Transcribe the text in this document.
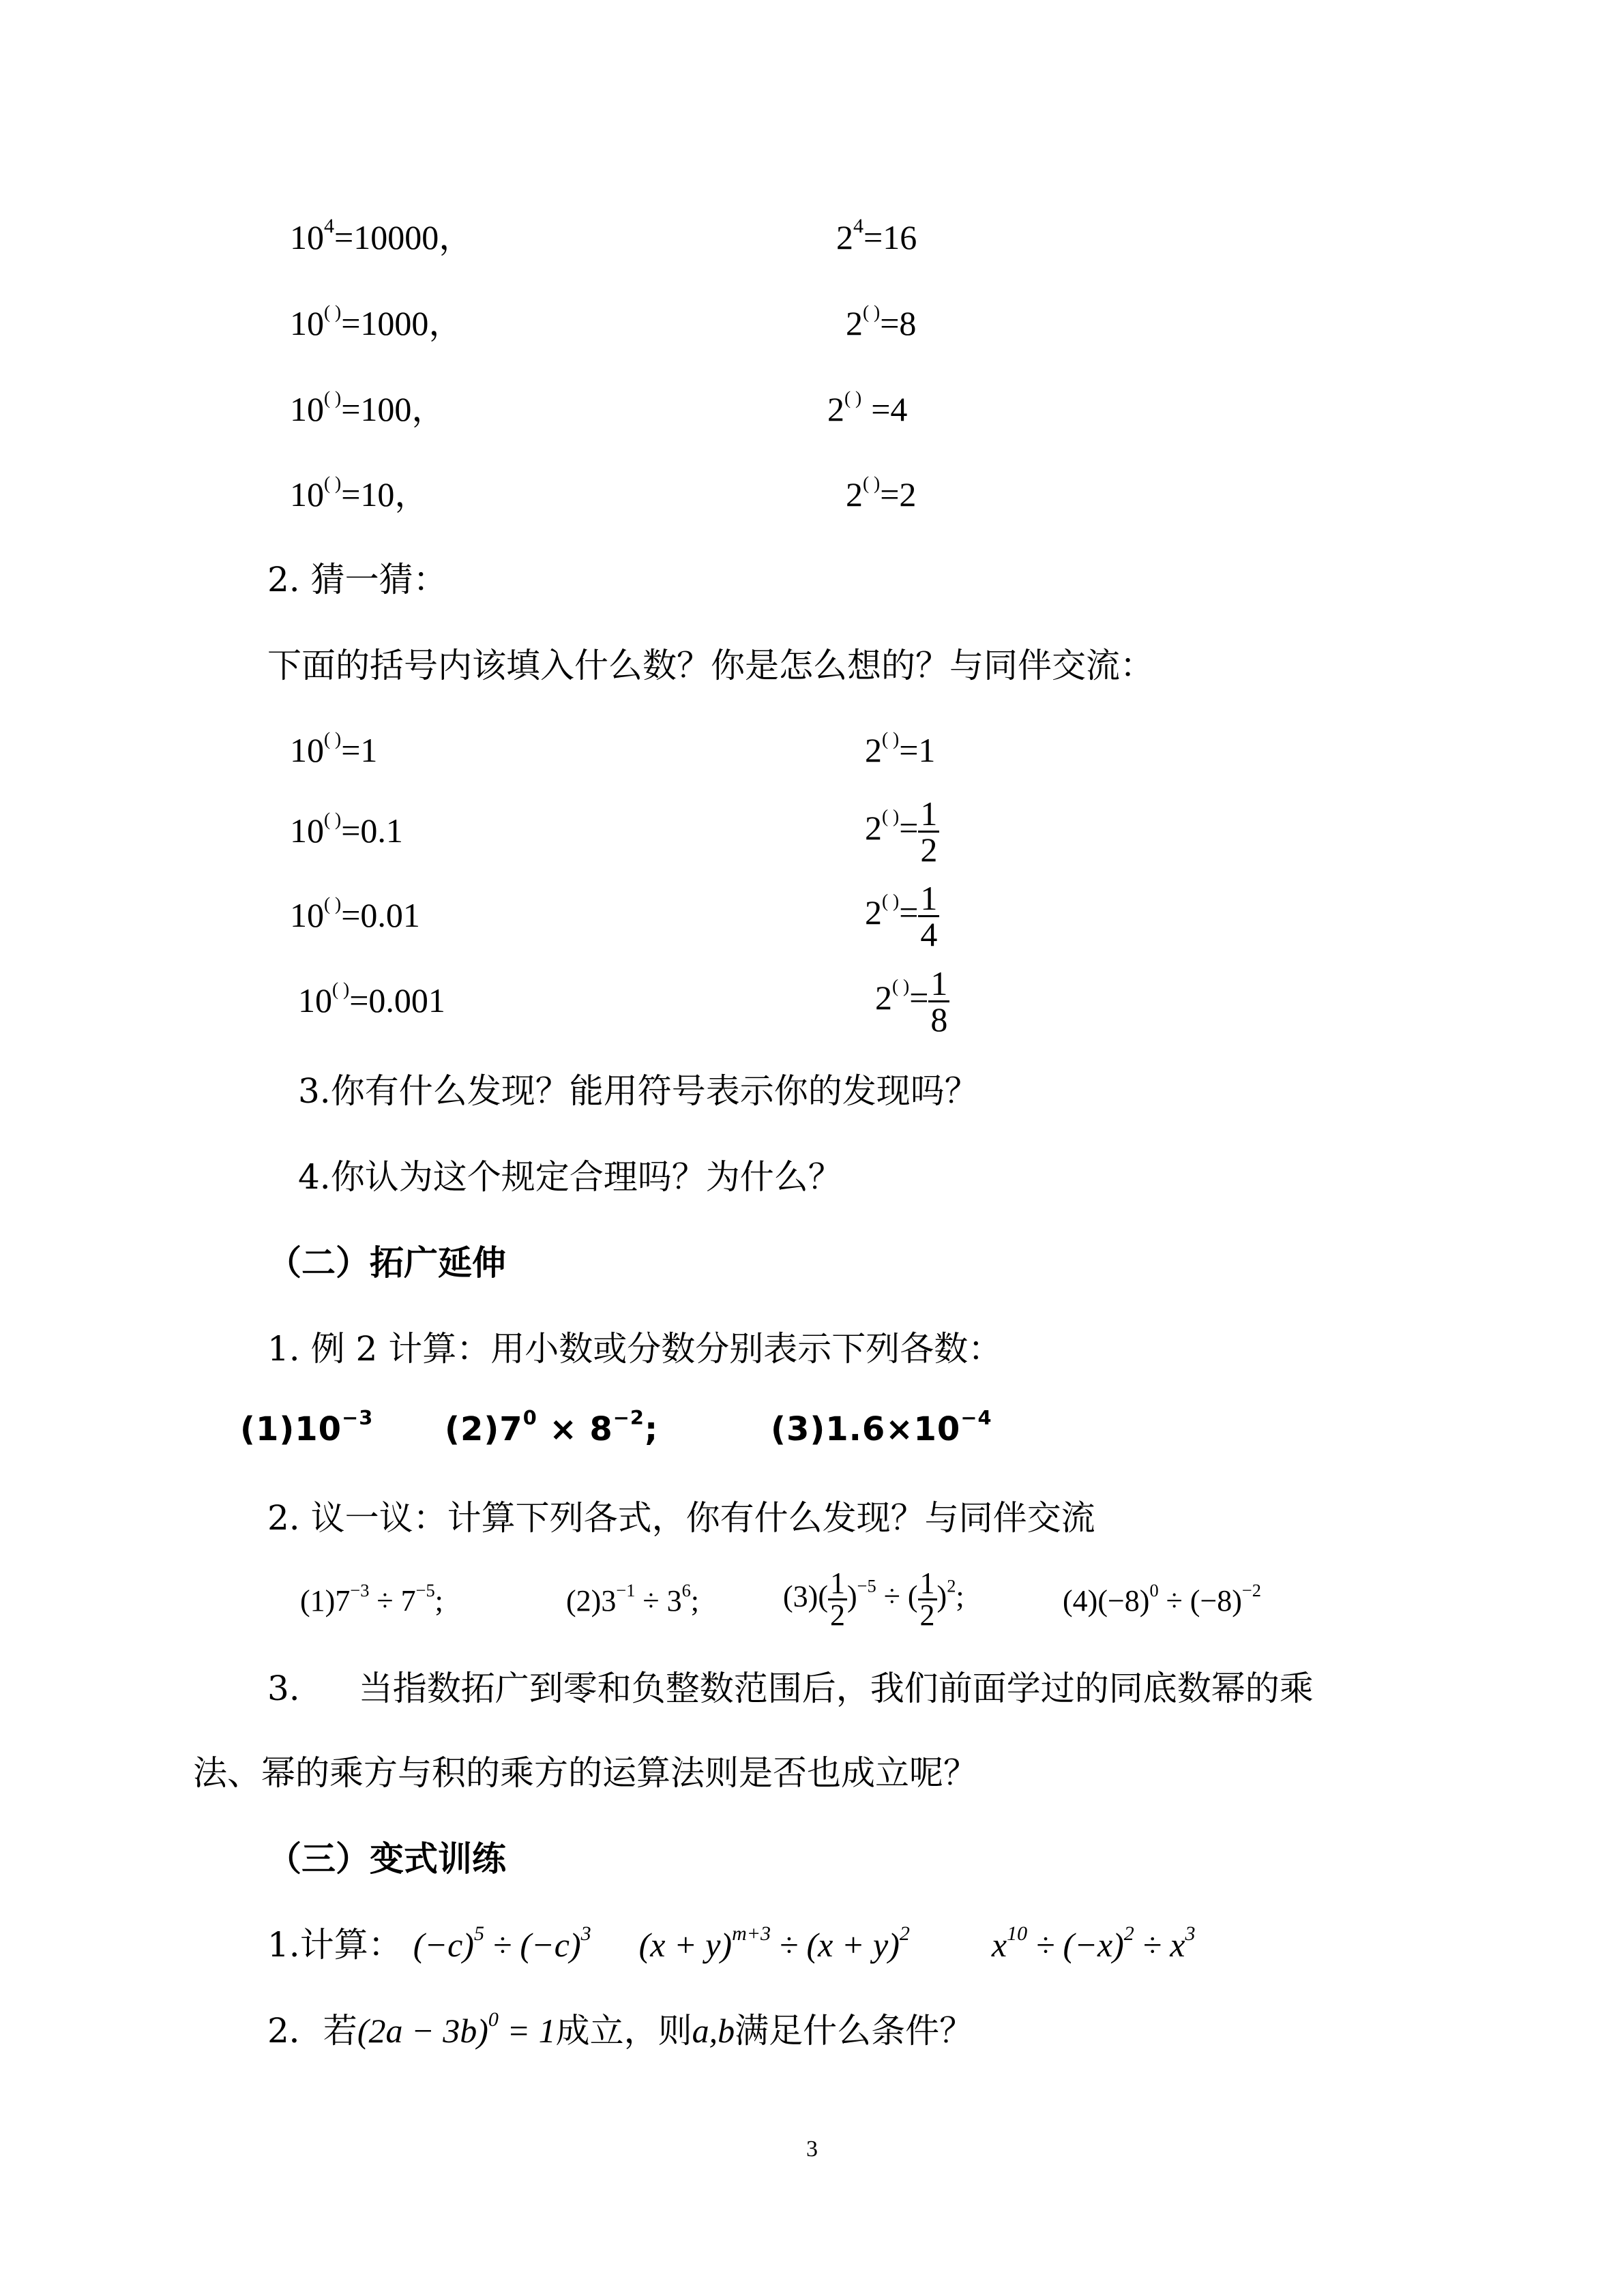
$10^4=10000$，	$2^4=16$
10( )=1000，	2( )=8
10( )=100，	2( ) =4
10( )=10，	2( )=2
2. 猜一猜：
下面的括号内该填入什么数？你是怎么想的？与同伴交流：
10( )=1	2( )=1
10( )=0.1	$2^{( )}= \frac{1}{2}$
10( )=0.01	$2^{( )}= \frac{1}{4}$
10( )=0.001	$2^{( )}= \frac{1}{8}$
3.你有什么发现？能用符号表示你的发现吗？
4.你认为这个规定合理吗？为什么？
（二）拓广延伸
1. 例 2 计算：用小数或分数分别表示下列各数：
$(1)10^{-3}$ $(2)7^0 \times 8^{-2}$;	$(3)1.6\times 10^{-4}$
2. 议一议：计算下列各式，你有什么发现？与同伴交流
$(1)7^{-3} \div 7^{-5}$;	$(2)3^{-1} \div 3^6$;	$(3)( \frac{1}{2} )^{-5}$ ÷ ( $\frac{1}{2} )^2$;	$(4)(-8)^0 \div (-8)^{-2}$
3. 当指数拓广到零和负整数范围后，我们前面学过的同底数幂的乘
法、幂的乘方与积的乘方的运算法则是否也成立呢？
（三）变式训练
1.计算： $(-c)^5 \div (-c)^3$ $(x + y)^{m+3} \div (x + y)^2$ $x^{10} \div (-x)^2 \div x^3$
2．若$(2a - 3b)^0 = 1$成立，则a,b满足什么条件？
3
